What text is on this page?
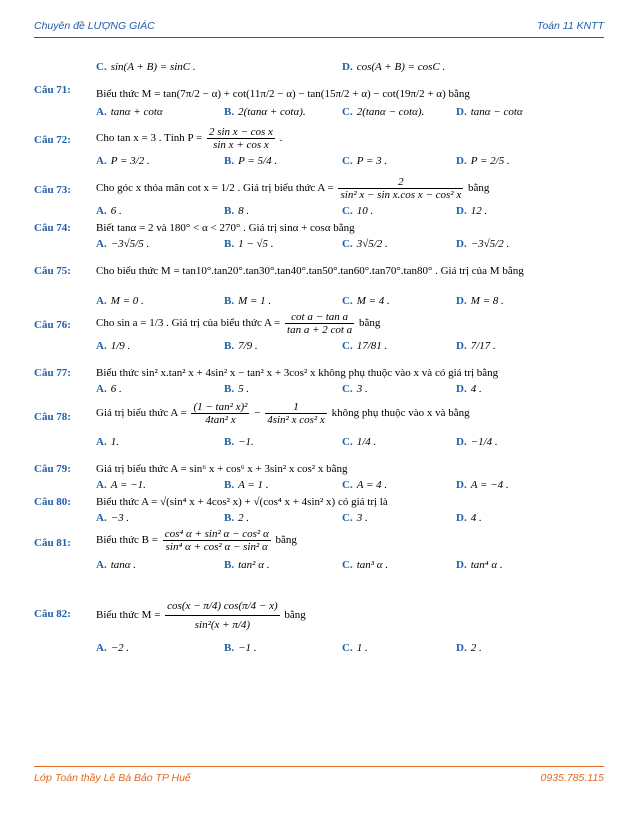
Chuyên đề LƯỢNG GIÁC	Toán 11 KNTT
C. sin(A + B) = sinC .	D. cos(A + B) = cosC .
Câu 71: Biểu thức M = tan(7π/2 − α) + cot(11π/2 − α) − tan(15π/2 + α) − cot(19π/2 + α) bằng
A. tanα + cotα	B. 2(tanα + cotα).	C. 2(tanα − cotα).	D. tanα − cotα
Câu 72: Cho tan x = 3 . Tính $P = \frac{\text{2 sin x − cos x}}{\text{sin x + cos x}}$ .
A. P = 3/2 .	B. P = 5/4 .	C. P = 3 .	D. P = 2/5 .
Câu 73: Cho góc x thỏa mãn cot x = 1/2 . Giá trị biểu thức $A = \frac{2}{\text{sin² x − sin x.cos x − cos² x}}$ bằng
A. 6 .	B. 8 .	C. 10 .	D. 12 .
Câu 74: Biết tanα = 2 và 180° < α < 270° . Giá trị sinα + cosα bằng
A. −3√5/5 .	B. 1 − √5 .	C. 3√5/2 .	D. −3√5/2 .
Câu 75: Cho biểu thức M = tan10°.tan20°.tan30°.tan40°.tan50°.tan60°.tan70°.tan80° . Giá trị của M bằng
A. M = 0 .	B. M = 1 .	C. M = 4 .	D. M = 8 .
Câu 76: Cho sin a = 1/3 . Giá trị của biểu thức $A = \frac{\text{cot a − tan a}}{\text{tan a + 2 cot a}}$ bằng
A. 1/9 .	B. 7/9 .	C. 17/81 .	D. 7/17 .
Câu 77: Biểu thức sin² x.tan² x + 4sin² x − tan² x + 3cos² x không phụ thuộc vào x và có giá trị bằng
A. 6 .	B. 5 .	C. 3 .	D. 4 .
Câu 78: Giá trị biểu thức $A = \frac{\text{(1 − tan² x)²}}{\text{4tan² x}} - \frac{1}{\text{4sin² x cos² x}}$ không phụ thuộc vào x và bằng
A. 1.	B. −1.	C. 1/4 .	D. −1/4 .
Câu 79: Giá trị biểu thức A = sin⁶ x + cos⁶ x + 3sin² x cos² x bằng
A. A = −1.	B. A = 1 .	C. A = 4 .	D. A = −4 .
Câu 80: Biểu thức A = √(sin⁴ x + 4cos² x) + √(cos⁴ x + 4sin² x) có giá trị là
A. −3 .	B. 2 .	C. 3 .	D. 4 .
Câu 81: Biểu thức $B = \frac{\text{cos⁴ α + sin² α − cos² α}}{\text{sin⁴ α + cos² α − sin² α}}$ bằng
A. tanα .	B. tan² α .	C. tan³ α .	D. tan⁴ α .
Câu 82: Biểu thức $M = \frac{\cos(x - \pi/4) \cos(\pi/4 - x)}{\text{sin²(x + π/4)}}$ bằng
A. −2 .	B. −1 .	C. 1 .	D. 2 .
Lớp Toán thầy Lê Bá Bảo TP Huế	0935.785.115
